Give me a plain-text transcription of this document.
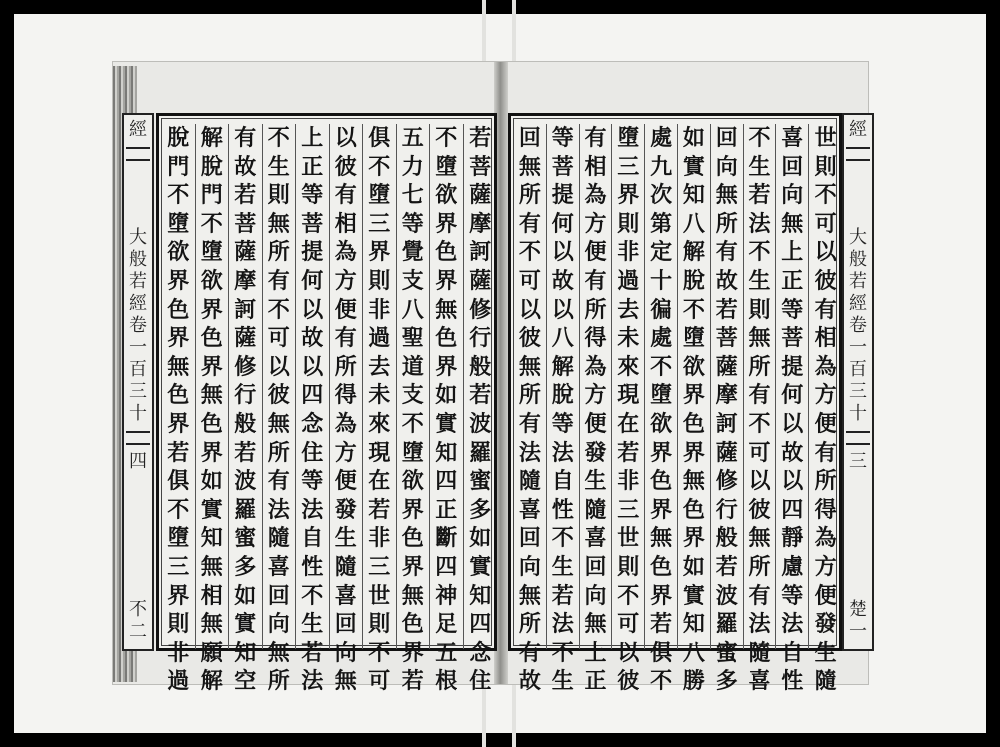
經
大
般
若
經
卷
一
百
三
十
四
不
二
脫
門
不
墮
欲
界
色
界
無
色
界
若
俱
不
墮
三
界
則
非
過
解
脫
門
不
墮
欲
界
色
界
無
色
界
如
實
知
無
相
無
願
解
有
故
若
菩
薩
摩
訶
薩
修
行
般
若
波
羅
蜜
多
如
實
知
空
不
生
則
無
所
有
不
可
以
彼
無
所
有
法
隨
喜
回
向
無
所
上
正
等
菩
提
何
以
故
以
四
念
住
等
法
自
性
不
生
若
法
以
彼
有
相
為
方
便
有
所
得
為
方
便
發
生
隨
喜
回
向
無
俱
不
墮
三
界
則
非
過
去
未
來
現
在
若
非
三
世
則
不
可
五
力
七
等
覺
支
八
聖
道
支
不
墮
欲
界
色
界
無
色
界
若
不
墮
欲
界
色
界
無
色
界
如
實
知
四
正
斷
四
神
足
五
根
若
菩
薩
摩
訶
薩
修
行
般
若
波
羅
蜜
多
如
實
知
四
念
住
回
無
所
有
不
可
以
彼
無
所
有
法
隨
喜
回
向
無
所
有
故
等
菩
提
何
以
故
以
八
解
脫
等
法
自
性
不
生
若
法
不
生
有
相
為
方
便
有
所
得
為
方
便
發
生
隨
喜
回
向
無
上
正
墮
三
界
則
非
過
去
未
來
現
在
若
非
三
世
則
不
可
以
彼
處
九
次
第
定
十
徧
處
不
墮
欲
界
色
界
無
色
界
若
俱
不
如
實
知
八
解
脫
不
墮
欲
界
色
界
無
色
界
如
實
知
八
勝
回
向
無
所
有
故
若
菩
薩
摩
訶
薩
修
行
般
若
波
羅
蜜
多
不
生
若
法
不
生
則
無
所
有
不
可
以
彼
無
所
有
法
隨
喜
喜
回
向
無
上
正
等
菩
提
何
以
故
以
四
靜
慮
等
法
自
性
世
則
不
可
以
彼
有
相
為
方
便
有
所
得
為
方
便
發
生
隨
經
大
般
若
經
卷
一
百
三
十
三
楚
一
